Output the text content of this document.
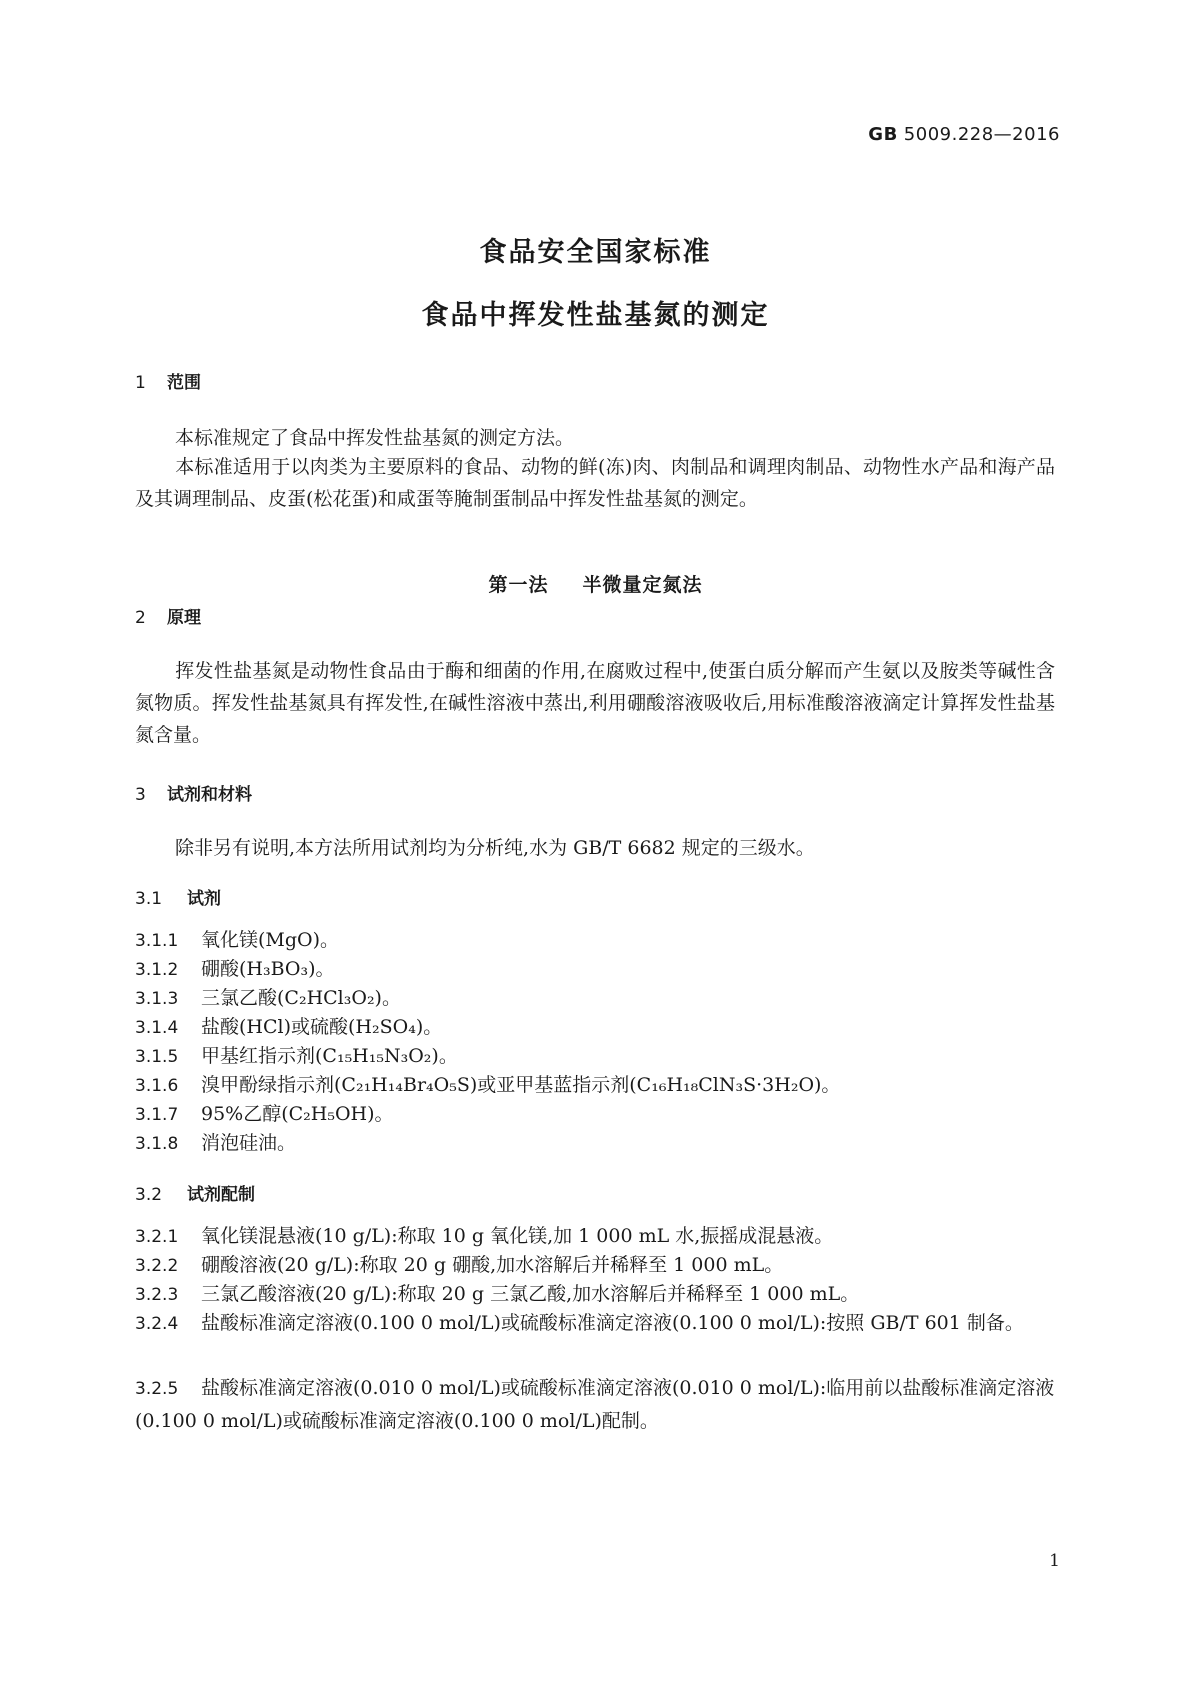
GB 5009.228—2016
食品安全国家标准
食品中挥发性盐基氮的测定
1 范围
本标准规定了食品中挥发性盐基氮的测定方法。
本标准适用于以肉类为主要原料的食品、动物的鲜(冻)肉、肉制品和调理肉制品、动物性水产品和海产品及其调理制品、皮蛋(松花蛋)和咸蛋等腌制蛋制品中挥发性盐基氮的测定。
第一法 半微量定氮法
2 原理
挥发性盐基氮是动物性食品由于酶和细菌的作用,在腐败过程中,使蛋白质分解而产生氨以及胺类等碱性含氮物质。挥发性盐基氮具有挥发性,在碱性溶液中蒸出,利用硼酸溶液吸收后,用标准酸溶液滴定计算挥发性盐基氮含量。
3 试剂和材料
除非另有说明,本方法所用试剂均为分析纯,水为 GB/T 6682 规定的三级水。
3.1 试剂
3.1.1 氧化镁(MgO)。
3.1.2 硼酸(H₃BO₃)。
3.1.3 三氯乙酸(C₂HCl₃O₂)。
3.1.4 盐酸(HCl)或硫酸(H₂SO₄)。
3.1.5 甲基红指示剂(C₁₅H₁₅N₃O₂)。
3.1.6 溴甲酚绿指示剂(C₂₁H₁₄Br₄O₅S)或亚甲基蓝指示剂(C₁₆H₁₈ClN₃S·3H₂O)。
3.1.7 95%乙醇(C₂H₅OH)。
3.1.8 消泡硅油。
3.2 试剂配制
3.2.1 氧化镁混悬液(10 g/L):称取 10 g 氧化镁,加 1 000 mL 水,振摇成混悬液。
3.2.2 硼酸溶液(20 g/L):称取 20 g 硼酸,加水溶解后并稀释至 1 000 mL。
3.2.3 三氯乙酸溶液(20 g/L):称取 20 g 三氯乙酸,加水溶解后并稀释至 1 000 mL。
3.2.4 盐酸标准滴定溶液(0.100 0 mol/L)或硫酸标准滴定溶液(0.100 0 mol/L):按照 GB/T 601 制备。
3.2.5 盐酸标准滴定溶液(0.010 0 mol/L)或硫酸标准滴定溶液(0.010 0 mol/L):临用前以盐酸标准滴定溶液(0.100 0 mol/L)或硫酸标准滴定溶液(0.100 0 mol/L)配制。
1
